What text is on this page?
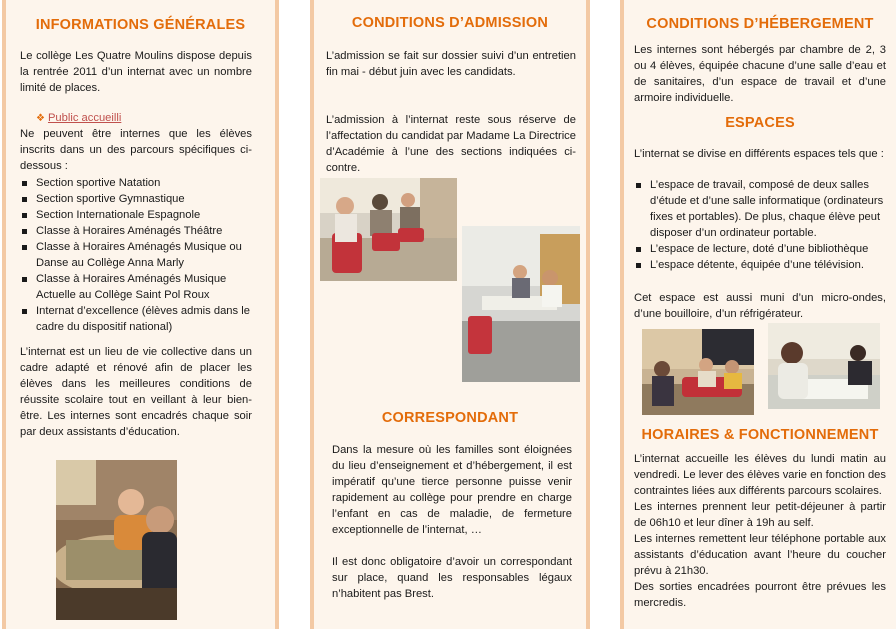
INFORMATIONS GÉNÉRALES

Le collège Les Quatre Moulins dispose depuis la rentrée 2011 d’un internat avec un nombre limité de places.

❖ Public accueilli

Ne peuvent être internes que les élèves inscrits dans un des parcours spécifiques ci-dessous :

Section sportive Natation
Section sportive Gymnastique
Section Internationale Espagnole
Classe à Horaires Aménagés Théâtre
Classe à Horaires Aménagés Musique ou Danse au Collège Anna Marly
Classe à Horaires Aménagés Musique Actuelle au Collège Saint Pol Roux
Internat d’excellence (élèves admis dans le cadre du dispositif national)

L’internat est un lieu de vie collective dans un cadre adapté et rénové afin de placer les élèves dans les meilleures conditions de réussite scolaire tout en veillant à leur bien-être. Les internes sont encadrés chaque soir par deux assistants d’éducation.

CONDITIONS D’ADMISSION

L’admission se fait sur dossier suivi d’un entretien fin mai - début juin avec les candidats.

L’admission à l’internat reste sous réserve de l’affectation du candidat par Madame La Directrice d’Académie à l’une des sections indiquées ci-contre.

CORRESPONDANT

Dans la mesure où les familles sont éloignées du lieu d’enseignement et d’hébergement, il est impératif qu’une tierce personne puisse venir rapidement au collège pour prendre en charge l’enfant en cas de maladie, de fermeture exceptionnelle de l’internat, …

Il est donc obligatoire d’avoir un correspondant sur place, quand les responsables légaux n’habitent pas Brest.

CONDITIONS D’HÉBERGEMENT

Les internes sont hébergés par chambre de 2, 3 ou 4 élèves, équipée chacune d’une salle d’eau et de sanitaires, d’un espace de travail et d’une armoire individuelle.

ESPACES

L’internat se divise en différents espaces tels que :

L’espace de travail, composé de deux salles d’étude et d’une salle informatique (ordinateurs fixes et portables). De plus, chaque élève peut disposer d’un ordinateur portable.
L’espace de lecture, doté d’une bibliothèque
L’espace détente, équipée d’une télévision.

Cet espace est aussi muni d’un micro-ondes, d’une bouilloire, d’un réfrigérateur.

HORAIRES & FONCTIONNEMENT

L’internat accueille les élèves du lundi matin au vendredi. Le lever des élèves varie en fonction des contraintes liées aux différents parcours scolaires.

Les internes prennent leur petit-déjeuner à partir de 06h10 et leur dîner à 19h au self.

Les internes remettent leur téléphone portable aux assistants d’éducation avant l’heure du coucher prévu à 21h30.

Des sorties encadrées pourront être prévues les mercredis.
